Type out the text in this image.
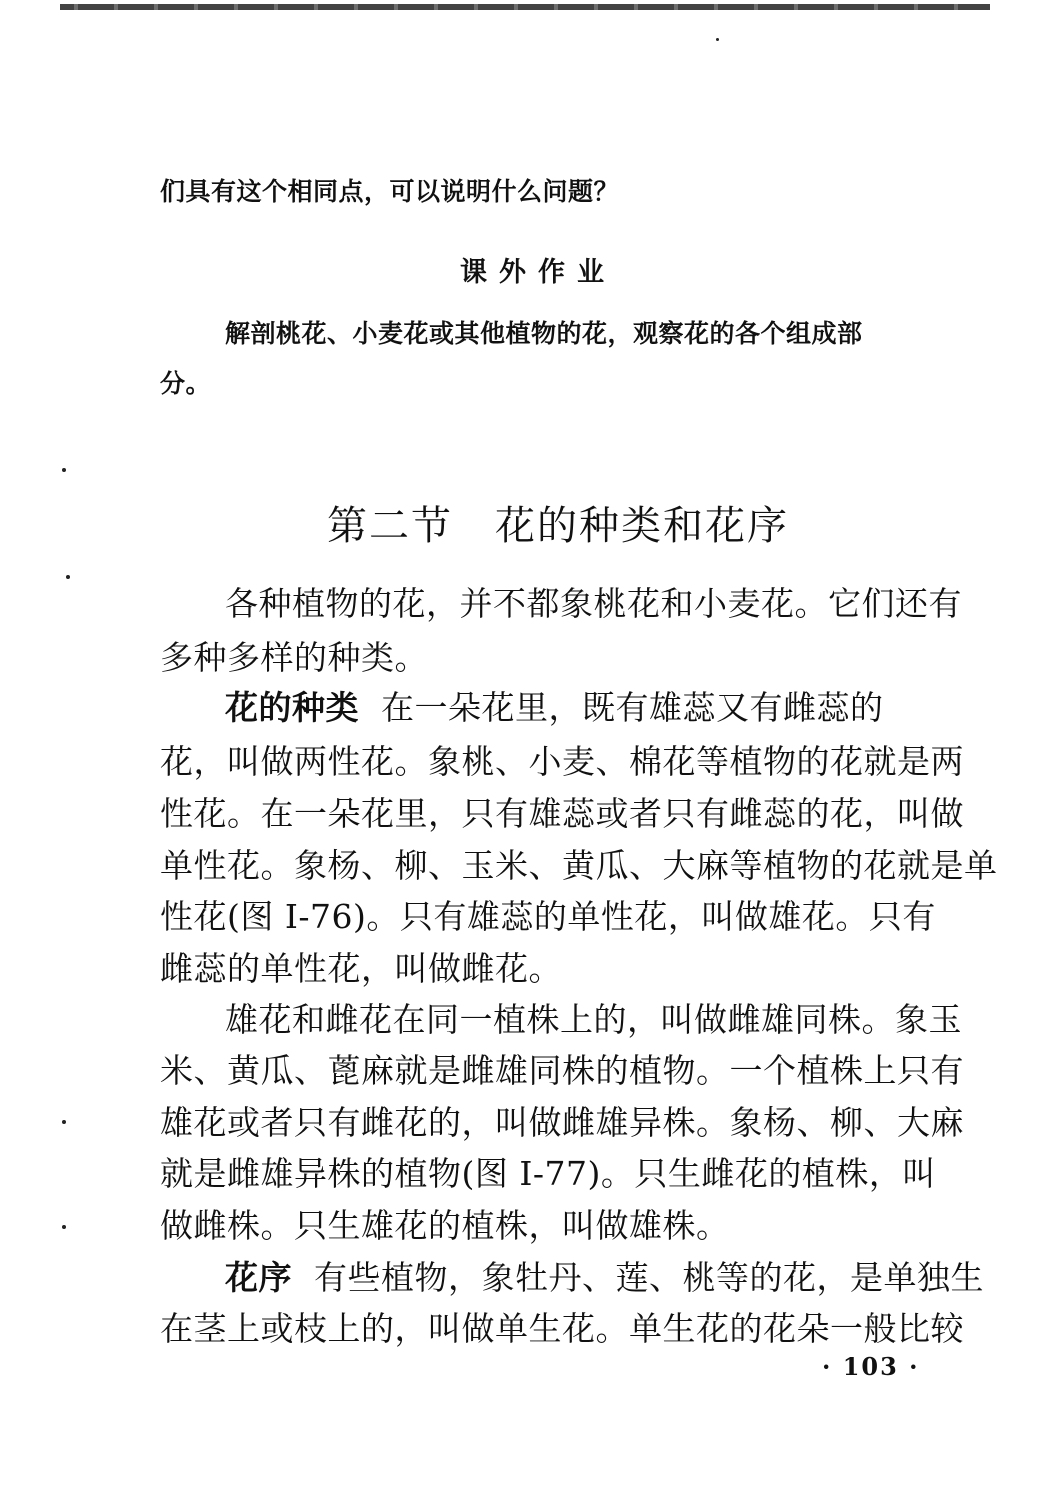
们具有这个相同点，可以说明什么问题？
课外作业
解剖桃花、小麦花或其他植物的花，观察花的各个组成部
分。
第二节　花的种类和花序
各种植物的花，并不都象桃花和小麦花。它们还有
多种多样的种类。
花的种类 在一朵花里，既有雄蕊又有雌蕊的
花，叫做两性花。象桃、小麦、棉花等植物的花就是两
性花。在一朵花里，只有雄蕊或者只有雌蕊的花，叫做
单性花。象杨、柳、玉米、黄瓜、大麻等植物的花就是单
性花(图 I-76)。只有雄蕊的单性花，叫做雄花。只有
雌蕊的单性花，叫做雌花。
雄花和雌花在同一植株上的，叫做雌雄同株。象玉
米、黄瓜、蓖麻就是雌雄同株的植物。一个植株上只有
雄花或者只有雌花的，叫做雌雄异株。象杨、柳、大麻
就是雌雄异株的植物(图 I-77)。只生雌花的植株，叫
做雌株。只生雄花的植株，叫做雄株。
花序 有些植物，象牡丹、莲、桃等的花，是单独生
在茎上或枝上的，叫做单生花。单生花的花朵一般比较
· 103 ·
